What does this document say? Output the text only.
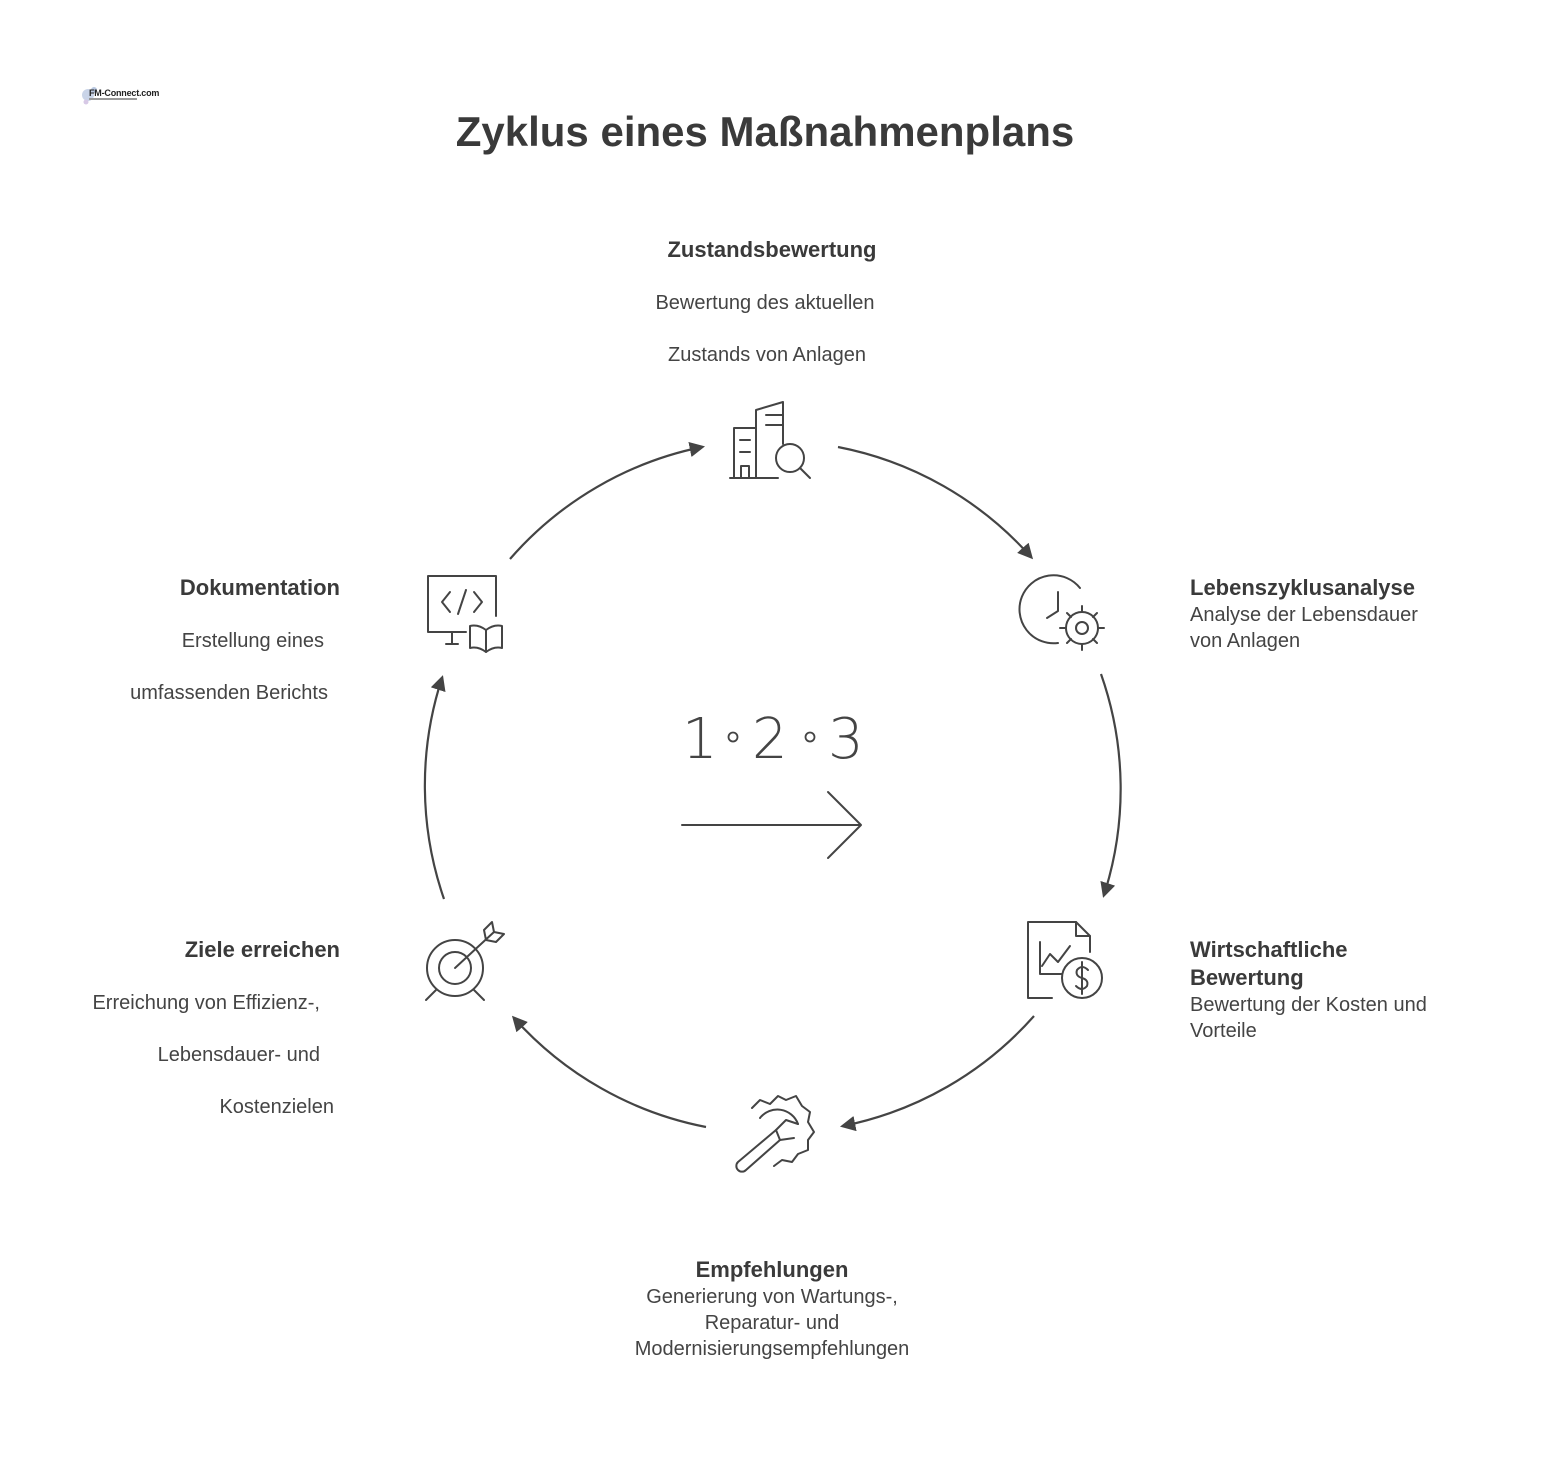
FM-Connect.com
Zyklus eines Maßnahmenplans
1 2 3
Zustandsbewertung

Bewertung des aktuellen

Zustands von Anlagen

Lebenszyklusanalyse
Analyse der Lebensdauer
von Anlagen
Wirtschaftliche
Bewertung
Bewertung der Kosten und
Vorteile
Empfehlungen
Generierung von Wartungs-,
Reparatur- und
Modernisierungsempfehlungen
Ziele erreichen

Erreichung von Effizienz-,

Lebensdauer- und

Kostenzielen

Dokumentation

Erstellung eines

umfassenden Berichts
